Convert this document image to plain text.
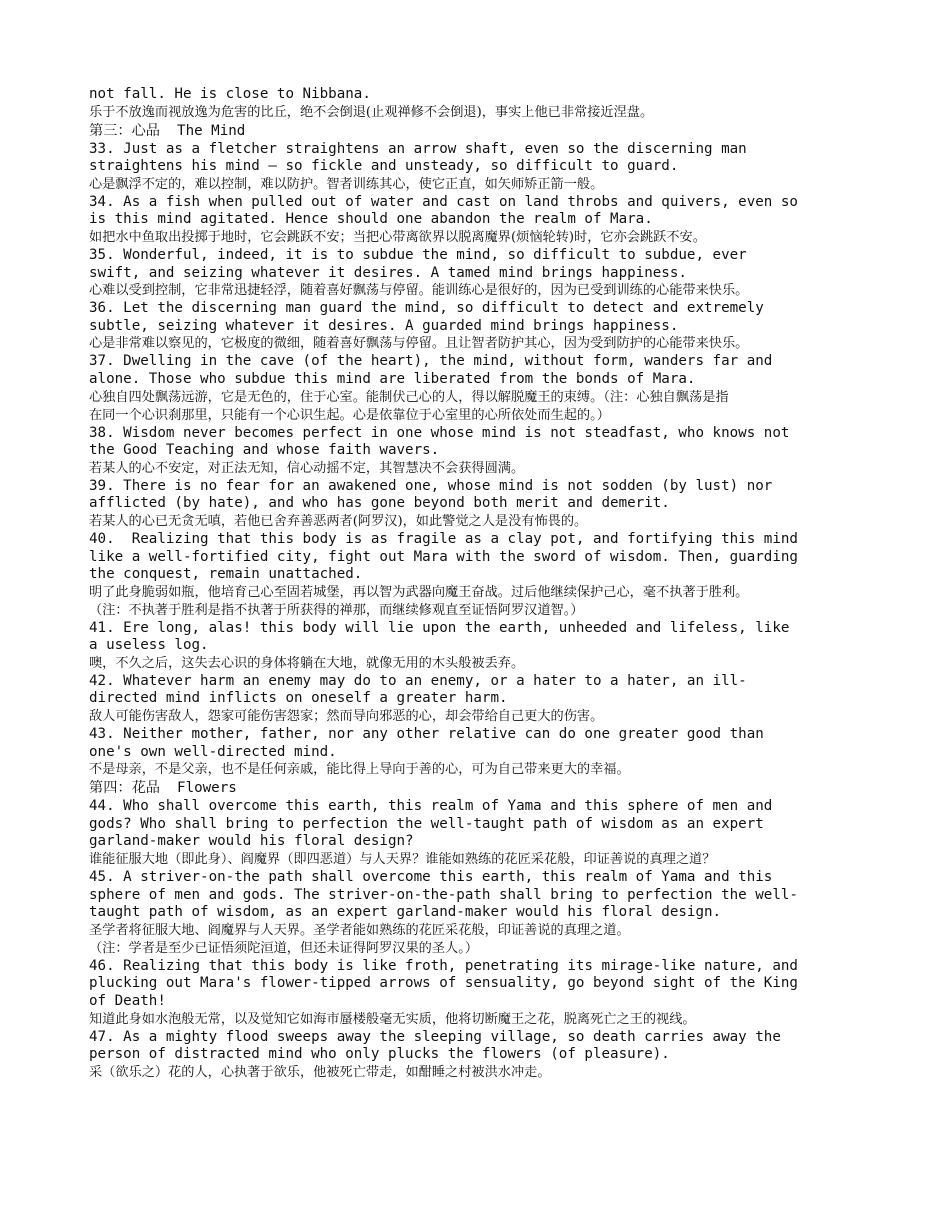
not fall. He is close to Nibbana.

乐于不放逸而视放逸为危害的比丘，绝不会倒退(止观禅修不会倒退)，事实上他已非常接近涅盘。

第三：心品  The Mind

33. Just as a fletcher straightens an arrow shaft, even so the discerning man
straightens his mind — so fickle and unsteady, so difficult to guard.

心是飘浮不定的，难以控制，难以防护。智者训练其心，使它正直，如矢师矫正箭一般。

34. As a fish when pulled out of water and cast on land throbs and quivers, even so
is this mind agitated. Hence should one abandon the realm of Mara.

如把水中鱼取出投掷于地时，它会跳跃不安；当把心带离欲界以脱离魔界(烦恼轮转)时，它亦会跳跃不安。

35. Wonderful, indeed, it is to subdue the mind, so difficult to subdue, ever
swift, and seizing whatever it desires. A tamed mind brings happiness.

心难以受到控制，它非常迅捷轻浮，随着喜好飘荡与停留。能训练心是很好的，因为已受到训练的心能带来快乐。

36. Let the discerning man guard the mind, so difficult to detect and extremely
subtle, seizing whatever it desires. A guarded mind brings happiness.

心是非常难以察见的，它极度的微细，随着喜好飘荡与停留。且让智者防护其心，因为受到防护的心能带来快乐。

37. Dwelling in the cave (of the heart), the mind, without form, wanders far and
alone. Those who subdue this mind are liberated from the bonds of Mara.

心独自四处飘荡远游，它是无色的，住于心室。能制伏己心的人，得以解脱魔王的束缚。（注：心独自飘荡是指
在同一个心识刹那里，只能有一个心识生起。心是依靠位于心室里的心所依处而生起的。）

38. Wisdom never becomes perfect in one whose mind is not steadfast, who knows not
the Good Teaching and whose faith wavers.

若某人的心不安定，对正法无知，信心动摇不定，其智慧决不会获得圆满。

39. There is no fear for an awakened one, whose mind is not sodden (by lust) nor
afflicted (by hate), and who has gone beyond both merit and demerit.

若某人的心已无贪无嗔，若他已舍弃善恶两者(阿罗汉)，如此警觉之人是没有怖畏的。

40.  Realizing that this body is as fragile as a clay pot, and fortifying this mind
like a well-fortified city, fight out Mara with the sword of wisdom. Then, guarding
the conquest, remain unattached.

明了此身脆弱如瓶，他培育己心至固若城堡，再以智为武器向魔王奋战。过后他继续保护己心，毫不执著于胜利。
（注：不执著于胜利是指不执著于所获得的禅那，而继续修观直至证悟阿罗汉道智。）

41. Ere long, alas! this body will lie upon the earth, unheeded and lifeless, like
a useless log.

噢，不久之后，这失去心识的身体将躺在大地，就像无用的木头般被丢弃。

42. Whatever harm an enemy may do to an enemy, or a hater to a hater, an ill-
directed mind inflicts on oneself a greater harm.

敌人可能伤害敌人，怨家可能伤害怨家；然而导向邪恶的心，却会带给自己更大的伤害。

43. Neither mother, father, nor any other relative can do one greater good than
one's own well-directed mind.

不是母亲，不是父亲，也不是任何亲戚，能比得上导向于善的心，可为自己带来更大的幸福。

第四：花品  Flowers

44. Who shall overcome this earth, this realm of Yama and this sphere of men and
gods? Who shall bring to perfection the well-taught path of wisdom as an expert
garland-maker would his floral design?

谁能征服大地（即此身）、阎魔界（即四恶道）与人天界？谁能如熟练的花匠采花般，印证善说的真理之道？

45. A striver-on-the path shall overcome this earth, this realm of Yama and this
sphere of men and gods. The striver-on-the-path shall bring to perfection the well-
taught path of wisdom, as an expert garland-maker would his floral design.

圣学者将征服大地、阎魔界与人天界。圣学者能如熟练的花匠采花般，印证善说的真理之道。
（注：学者是至少已证悟须陀洹道，但还未证得阿罗汉果的圣人。）

46. Realizing that this body is like froth, penetrating its mirage-like nature, and
plucking out Mara's flower-tipped arrows of sensuality, go beyond sight of the King
of Death!

知道此身如水泡般无常，以及觉知它如海市蜃楼般毫无实质，他将切断魔王之花，脱离死亡之王的视线。

47. As a mighty flood sweeps away the sleeping village, so death carries away the
person of distracted mind who only plucks the flowers (of pleasure).

采（欲乐之）花的人，心执著于欲乐，他被死亡带走，如酣睡之村被洪水冲走。
